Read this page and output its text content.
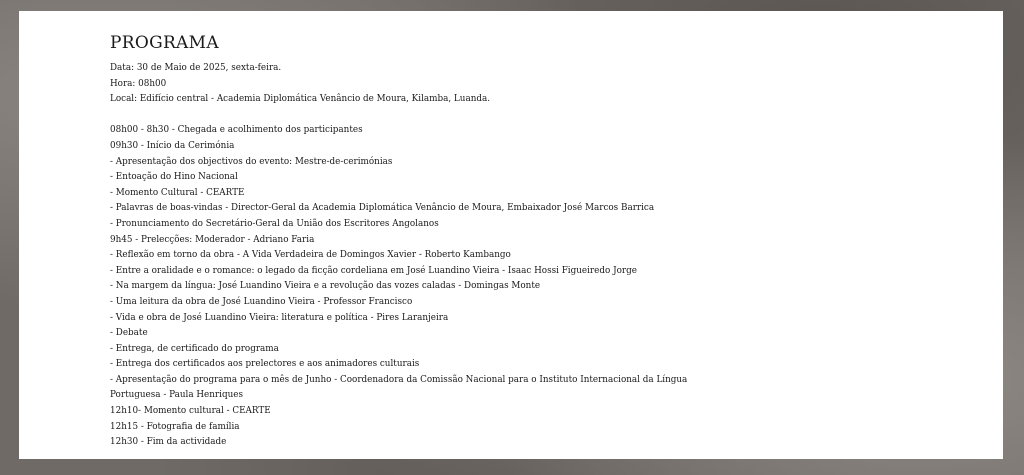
PROGRAMA
Data: 30 de Maio de 2025, sexta-feira.
Hora: 08h00
Local: Edifício central - Academia Diplomática Venâncio de Moura, Kilamba, Luanda.
08h00 - 8h30 - Chegada e acolhimento dos participantes
09h30 - Início da Cerimónia
- Apresentação dos objectivos do evento: Mestre-de-cerimónias
- Entoação do Hino Nacional
- Momento Cultural - CEARTE
- Palavras de boas-vindas - Director-Geral da Academia Diplomática Venâncio de Moura, Embaixador José Marcos Barrica
- Pronunciamento do Secretário-Geral da União dos Escritores Angolanos
9h45 - Prelecções: Moderador - Adriano Faria
- Reflexão em torno da obra - A Vida Verdadeira de Domingos Xavier - Roberto Kambango
- Entre a oralidade e o romance: o legado da ficção cordeliana em José Luandino Vieira - Isaac Hossi Figueiredo Jorge
- Na margem da língua: José Luandino Vieira e a revolução das vozes caladas - Domingas Monte
- Uma leitura da obra de José Luandino Vieira - Professor Francisco
- Vida e obra de José Luandino Vieira: literatura e política - Pires Laranjeira
- Debate
- Entrega, de certificado do programa
- Entrega dos certificados aos prelectores e aos animadores culturais
- Apresentação do programa para o mês de Junho - Coordenadora da Comissão Nacional para o Instituto Internacional da Língua
Portuguesa - Paula Henriques
12h10- Momento cultural - CEARTE
12h15 - Fotografia de família
12h30 - Fim da actividade
